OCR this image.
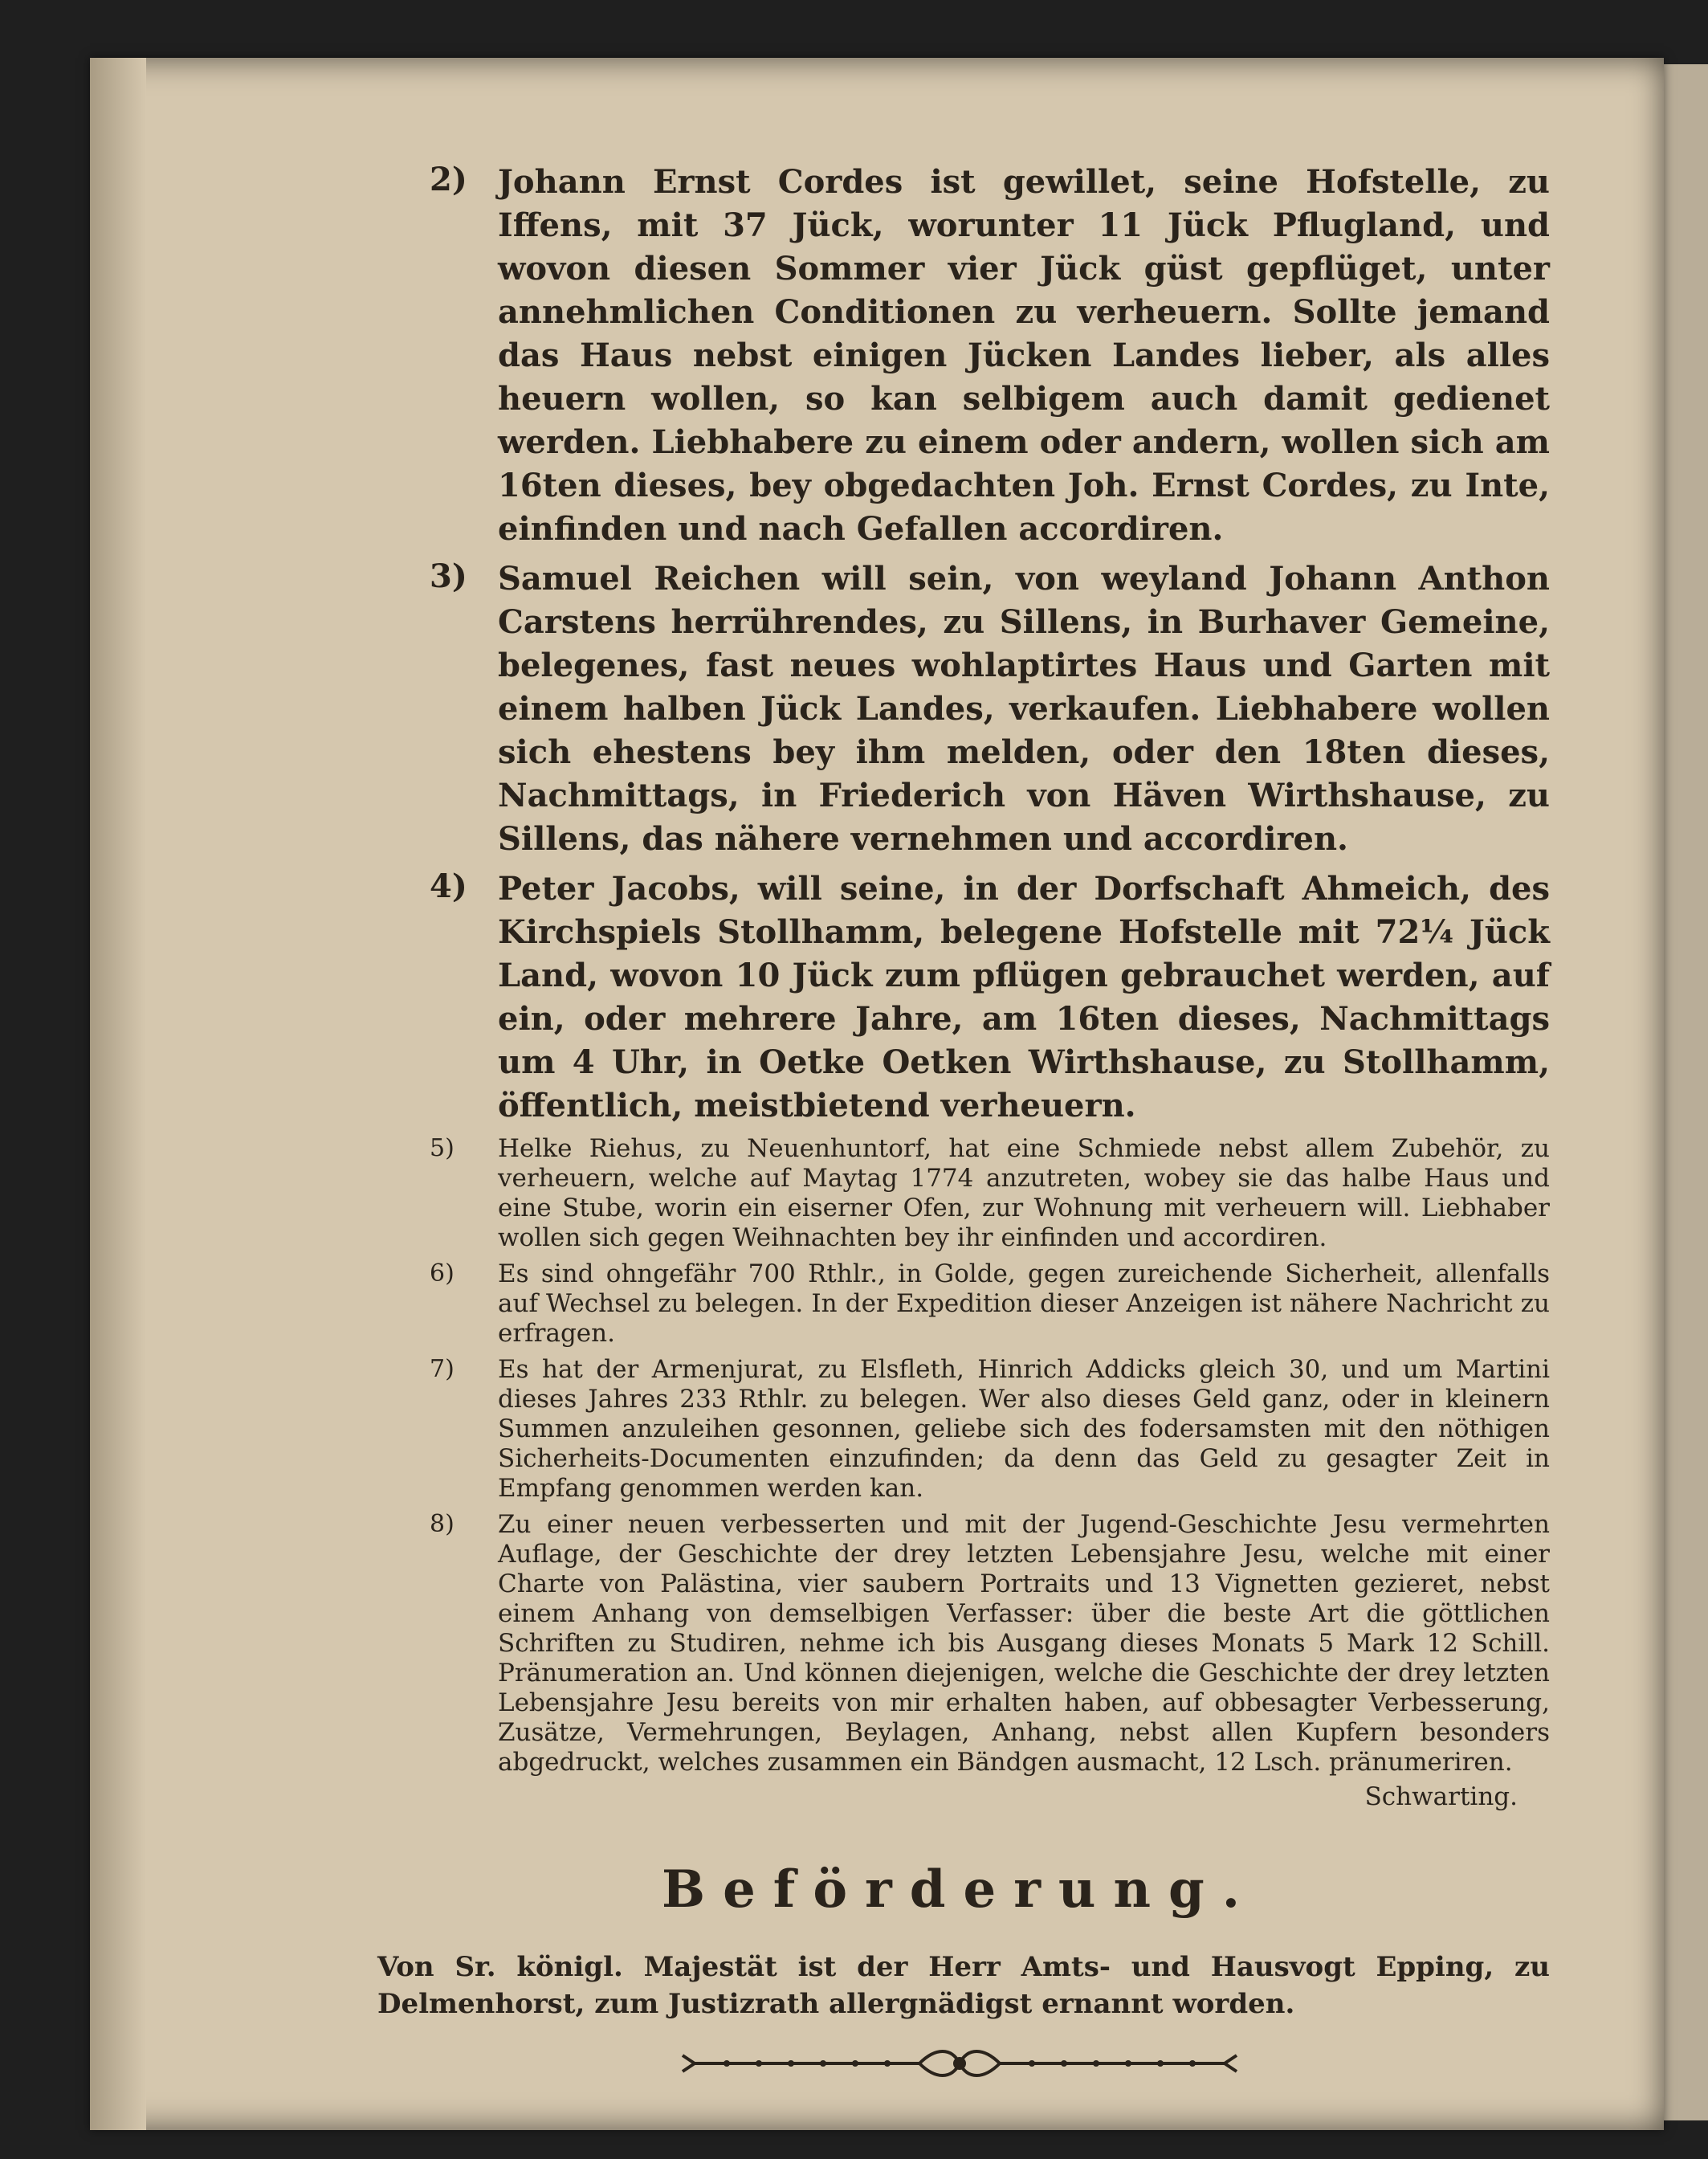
2) Johann Ernst Cordes ist gewillet, seine Hofstelle, zu Iffens, mit 37 Jück, worunter 11 Jück Pflugland, und wovon diesen Sommer vier Jück güst gepflüget, unter annehmlichen Conditionen zu verheuern. Sollte jemand das Haus nebst einigen Jücken Landes lieber, als alles heuern wollen, so kan selbigem auch damit gedienet werden. Liebhabere zu einem oder andern, wollen sich am 16ten dieses, bey obgedachten Joh. Ernst Cordes, zu Inte, einfinden und nach Gefallen accordiren.
3) Samuel Reichen will sein, von weyland Johann Anthon Carstens herrührendes, zu Sillens, in Burhaver Gemeine, belegenes, fast neues wohlaptirtes Haus und Garten mit einem halben Jück Landes, verkaufen. Liebhabere wollen sich ehestens bey ihm melden, oder den 18ten dieses, Nachmittags, in Friederich von Häven Wirthshause, zu Sillens, das nähere vernehmen und accordiren.
4) Peter Jacobs, will seine, in der Dorfschaft Ahmeich, des Kirchspiels Stollhamm, belegene Hofstelle mit 72¼ Jück Land, wovon 10 Jück zum pflügen gebrauchet werden, auf ein, oder mehrere Jahre, am 16ten dieses, Nachmittags um 4 Uhr, in Oetke Oetken Wirthshause, zu Stollhamm, öffentlich, meistbietend verheuern.
5) Helke Riehus, zu Neuenhuntorf, hat eine Schmiede nebst allem Zubehör, zu verheuern, welche auf Maytag 1774 anzutreten, wobey sie das halbe Haus und eine Stube, worin ein eiserner Ofen, zur Wohnung mit verheuern will. Liebhaber wollen sich gegen Weihnachten bey ihr einfinden und accordiren.
6) Es sind ohngefähr 700 Rthlr., in Golde, gegen zureichende Sicherheit, allenfalls auf Wechsel zu belegen. In der Expedition dieser Anzeigen ist nähere Nachricht zu erfragen.
7) Es hat der Armenjurat, zu Elsfleth, Hinrich Addicks gleich 30, und um Martini dieses Jahres 233 Rthlr. zu belegen. Wer also dieses Geld ganz, oder in kleinern Summen anzuleihen gesonnen, geliebe sich des fodersamsten mit den nöthigen Sicherheits-Documenten einzufinden; da denn das Geld zu gesagter Zeit in Empfang genommen werden kan.
8) Zu einer neuen verbesserten und mit der Jugend-Geschichte Jesu vermehrten Auflage, der Geschichte der drey letzten Lebensjahre Jesu, welche mit einer Charte von Palästina, vier saubern Portraits und 13 Vignetten gezieret, nebst einem Anhang von demselbigen Verfasser: über die beste Art die göttlichen Schriften zu Studiren, nehme ich bis Ausgang dieses Monats 5 Mark 12 Schill. Pränumeration an. Und können diejenigen, welche die Geschichte der drey letzten Lebensjahre Jesu bereits von mir erhalten haben, auf obbesagter Verbesserung, Zusätze, Vermehrungen, Beylagen, Anhang, nebst allen Kupfern besonders abgedruckt, welches zusammen ein Bändgen ausmacht, 12 Lsch. pränumeriren.
Schwarting.
Beförderung.
Von Sr. königl. Majestät ist der Herr Amts- und Hausvogt Epping, zu Delmenhorst, zum Justizrath allergnädigst ernannt worden.
